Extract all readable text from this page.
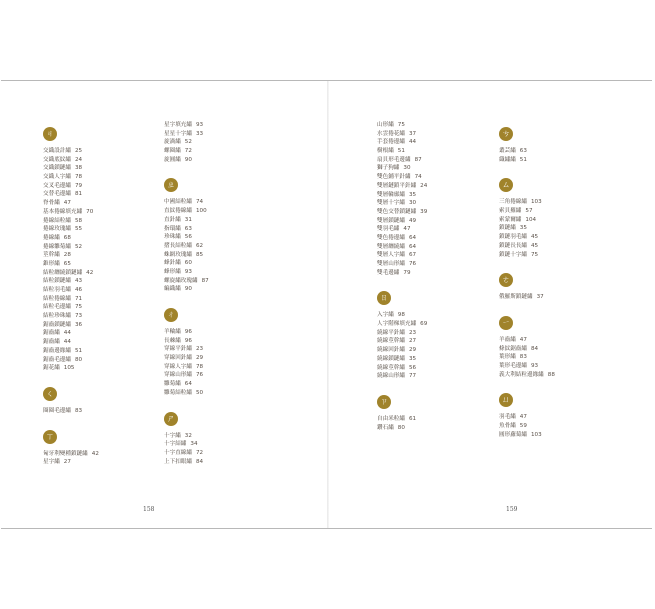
ㄐ
交織設計繡 25
交織底紋繡 24
交織鎖鏈繡 38
交織人字繡 78
交叉毛邊繡 79
交替毛邊繡 81
脊骨繡 47
基本捲線填充繡 70
捲線結粒繡 58
捲線玫瑰繡 55
捲線繡 68
捲線雛菊繡 52
莖幹繡 28
錐形繡 65
結粒纏繞鎖鏈繡 42
結粒鎖鏈繡 43
結粒羽毛繡 46
結粒捲線繡 71
結粒毛邊繡 75
結粒珍珠繡 73
鋸齒鎖鏈繡 36
鋸齒繡 44
鋸齒繡 44
鋸齒邊緣繡 51
鋸齒毛邊繡 80
鋸花繡 105
ㄑ
圈圈毛邊繡 83
ㄒ
匈牙利變種鎖鏈繡 42
星字繡 27
星字填充繡 93
星星十字繡 33
旋渦繡 52
螺圈繡 72
旋圓繡 90
ㄓ
中國結粒繡 74
直紋捲線繡 100
直針繡 31
指環繡 63
珍珠繡 56
摺長結粒繡 62
蛛網玫瑰繡 85
蜂針繡 60
蜂形繡 93
螺旋繡玫瑰繡 87
編織繡 90
ㄔ
羊輪繡 96
長棘繡 96
穿線平針繡 23
穿線回針繡 29
穿線人字繡 78
穿線山形繡 76
雛菊繡 64
雛菊結粒繡 50
ㄕ
十字繡 32
十字結繡 34
十字直線繡 72
上下扣眼繡 84
山形繡 75
水雲捲花繡 37
手套捲邊繡 44
樹根繡 51
扇貝形毛邊繡 87
獅子狗繡 30
雙色鋪平針繡 74
雙層鏈鎖平針繡 24
雙層輪廓繡 35
雙層十字繡 30
雙色交替鎖鏈繡 39
雙層鎖鏈繡 49
雙羽毛繡 47
雙色捲邊繡 64
雙層纏繞繡 64
雙層人字繡 67
雙層山形繡 76
雙毛邊繡 79
ㄖ
入字繡 98
人字階梯填充繡 69
繞線平針繡 23
繞線莖幹繡 27
繞線回針繡 29
繞線鎖鏈繡 35
繞線莖幹繡 56
繞線山形繡 77
ㄗ
自由米粒繡 61
鑽石繡 80
ㄘ
叢芸繡 63
織繡繡 51
ㄙ
三角捲線繡 103
索貝羅繡 57
索蒙爾繡 104
鎖鏈繡 35
鎖鏈羽毛繡 45
鎖鏈長長繡 45
鎖鏈十字繡 75
ㄜ
俄羅斯鎖鏈繡 37
ㄧ
羊齒繡 47
條紋鋸齒繡 84
葉形繡 83
葉形毛邊繡 93
義大利結粒邊緣繡 88
ㄩ
羽毛繡 47
魚骨繡 59
圓形蘿蔔繡 103
158	159
